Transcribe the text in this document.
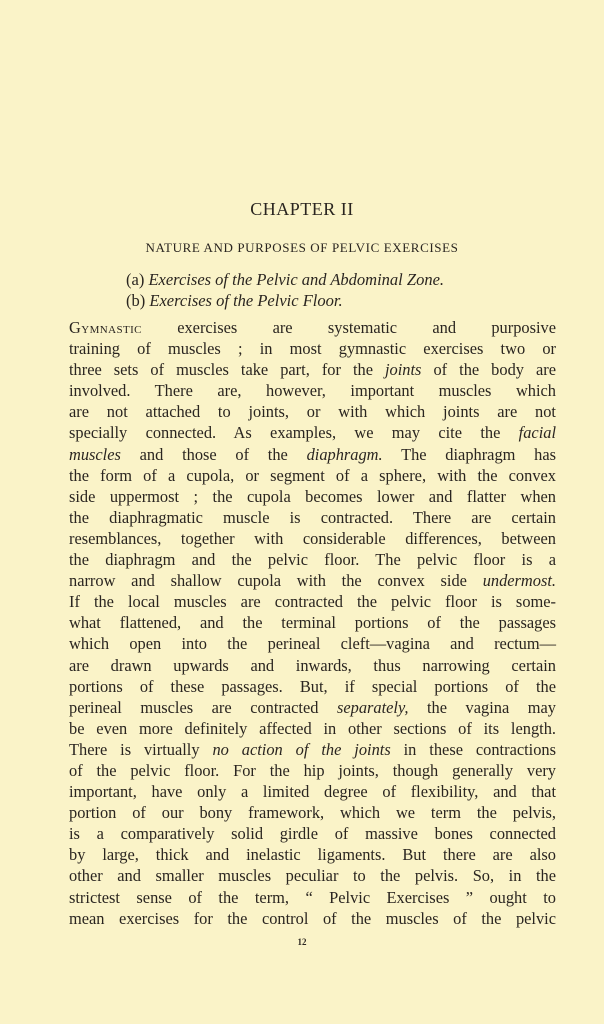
CHAPTER II
NATURE AND PURPOSES OF PELVIC EXERCISES
(a) Exercises of the Pelvic and Abdominal Zone.
(b) Exercises of the Pelvic Floor.
Gymnastic exercises are systematic and purposive
training of muscles ; in most gymnastic exercises two or
three sets of muscles take part, for the joints of the body are
involved. There are, however, important muscles which
are not attached to joints, or with which joints are not
specially connected. As examples, we may cite the facial
muscles and those of the diaphragm. The diaphragm has
the form of a cupola, or segment of a sphere, with the convex
side uppermost ; the cupola becomes lower and flatter when
the diaphragmatic muscle is contracted. There are certain
resemblances, together with considerable differences, between
the diaphragm and the pelvic floor. The pelvic floor is a
narrow and shallow cupola with the convex side undermost.
If the local muscles are contracted the pelvic floor is some-
what flattened, and the terminal portions of the passages
which open into the perineal cleft—vagina and rectum—
are drawn upwards and inwards, thus narrowing certain
portions of these passages. But, if special portions of the
perineal muscles are contracted separately, the vagina may
be even more definitely affected in other sections of its length.
There is virtually no action of the joints in these contractions
of the pelvic floor. For the hip joints, though generally very
important, have only a limited degree of flexibility, and that
portion of our bony framework, which we term the pelvis,
is a comparatively solid girdle of massive bones connected
by large, thick and inelastic ligaments. But there are also
other and smaller muscles peculiar to the pelvis. So, in the
strictest sense of the term, “ Pelvic Exercises ” ought to
mean exercises for the control of the muscles of the pelvic
12
